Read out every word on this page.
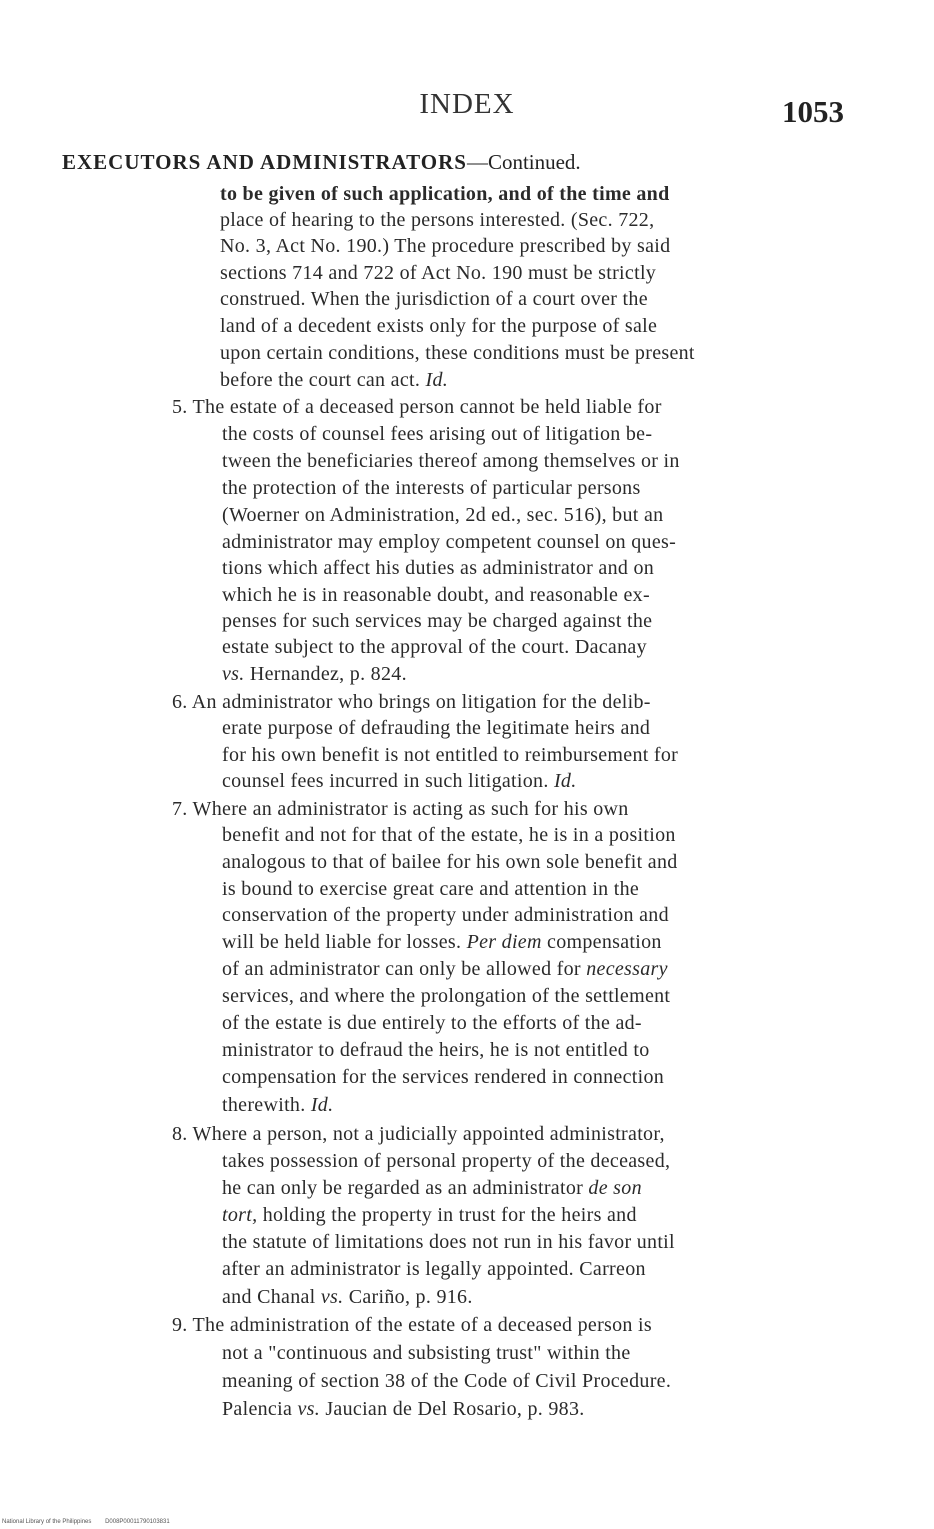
INDEX	1053
EXECUTORS AND ADMINISTRATORS—Continued.
to be given of such application, and of the time and
place of hearing to the persons interested. (Sec. 722,
No. 3, Act No. 190.) The procedure prescribed by said
sections 714 and 722 of Act No. 190 must be strictly
construed. When the jurisdiction of a court over the
land of a decedent exists only for the purpose of sale
upon certain conditions, these conditions must be present
before the court can act. Id.
5. The estate of a deceased person cannot be held liable for
the costs of counsel fees arising out of litigation be-
tween the beneficiaries thereof among themselves or in
the protection of the interests of particular persons
(Woerner on Administration, 2d ed., sec. 516), but an
administrator may employ competent counsel on ques-
tions which affect his duties as administrator and on
which he is in reasonable doubt, and reasonable ex-
penses for such services may be charged against the
estate subject to the approval of the court. Dacanay
vs. Hernandez, p. 824.
6. An administrator who brings on litigation for the delib-
erate purpose of defrauding the legitimate heirs and
for his own benefit is not entitled to reimbursement for
counsel fees incurred in such litigation. Id.
7. Where an administrator is acting as such for his own
benefit and not for that of the estate, he is in a position
analogous to that of bailee for his own sole benefit and
is bound to exercise great care and attention in the
conservation of the property under administration and
will be held liable for losses. Per diem compensation
of an administrator can only be allowed for necessary
services, and where the prolongation of the settlement
of the estate is due entirely to the efforts of the ad-
ministrator to defraud the heirs, he is not entitled to
compensation for the services rendered in connection
therewith. Id.
8. Where a person, not a judicially appointed administrator,
takes possession of personal property of the deceased,
he can only be regarded as an administrator de son
tort, holding the property in trust for the heirs and
the statute of limitations does not run in his favor until
after an administrator is legally appointed. Carreon
and Chanal vs. Cariño, p. 916.
9. The administration of the estate of a deceased person is
not a "continuous and subsisting trust" within the
meaning of section 38 of the Code of Civil Procedure.
Palencia vs. Jaucian de Del Rosario, p. 983.
National Library of the Philippines D008P00011790103831
